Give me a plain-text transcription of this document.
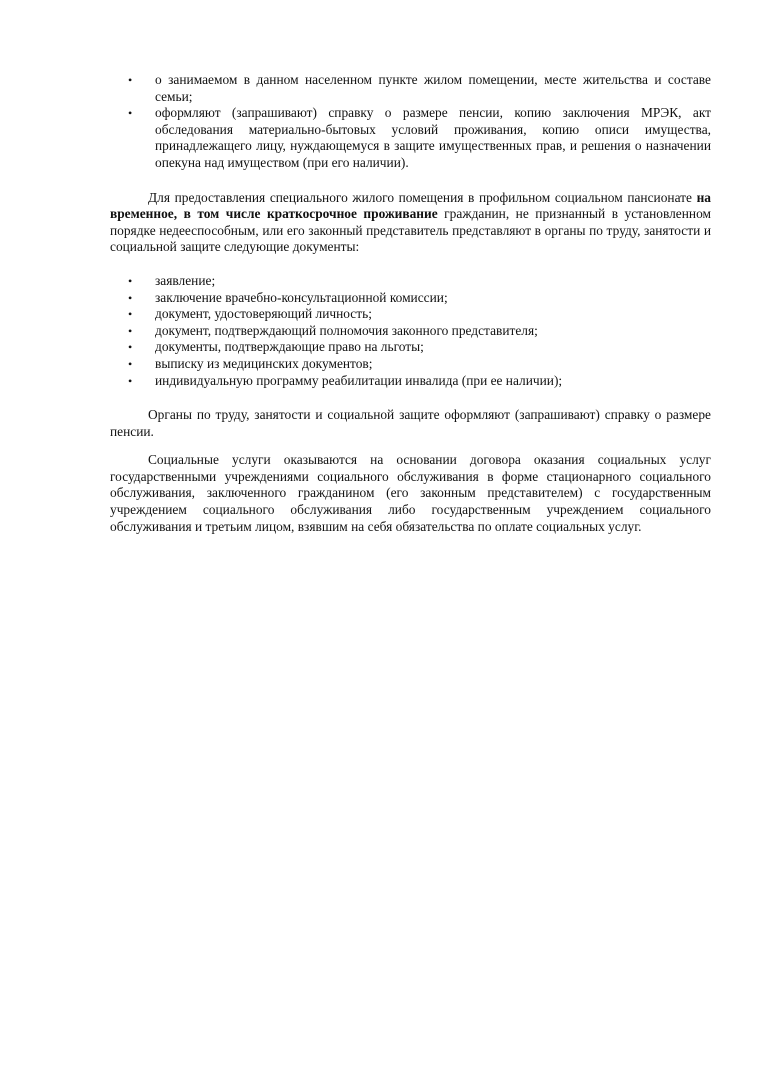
• о занимаемом в данном населенном пункте жилом помещении, месте жительства и составе семьи;
• оформляют (запрашивают) справку о размере пенсии, копию заключения МРЭК, акт обследования материально-бытовых условий проживания, копию описи имущества, принадлежащего лицу, нуждающемуся в защите имущественных прав, и решения о назначении опекуна над имуществом (при его наличии).

Для предоставления специального жилого помещения в профильном социальном пансионате на временное, в том числе краткосрочное проживание гражданин, не признанный в установленном порядке недееспособным, или его законный представитель представляют в органы по труду, занятости и социальной защите следующие документы:

• заявление;
• заключение врачебно-консультационной комиссии;
• документ, удостоверяющий личность;
• документ, подтверждающий полномочия законного представителя;
• документы, подтверждающие право на льготы;
• выписку из медицинских документов;
• индивидуальную программу реабилитации инвалида (при ее наличии);

Органы по труду, занятости и социальной защите оформляют (запрашивают) справку о размере пенсии.

Социальные услуги оказываются на основании договора оказания социальных услуг государственными учреждениями социального обслуживания в форме стационарного социального обслуживания, заключенного гражданином (его законным представителем) с государственным учреждением социального обслуживания либо государственным учреждением социального обслуживания и третьим лицом, взявшим на себя обязательства по оплате социальных услуг.
